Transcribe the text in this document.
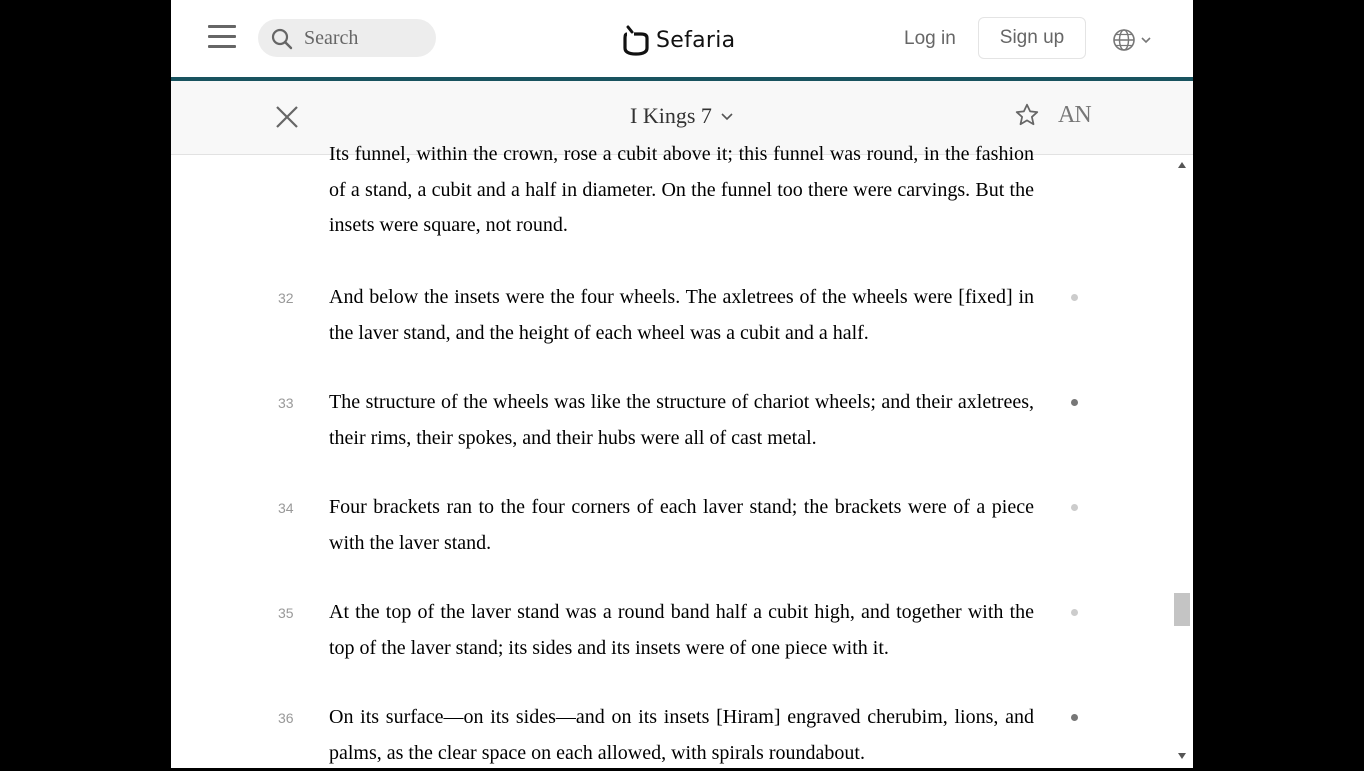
Search
Sefaria	Log in	Sign up
I Kings 7	AN
Its funnel, within the crown, rose a cubit above it; this funnel was round, in the fashion of a stand, a cubit and a half in diameter. On the funnel too there were carvings. But the insets were square, not round.
32 And below the insets were the four wheels. The axletrees of the wheels were [fixed] in the laver stand, and the height of each wheel was a cubit and a half.
33 The structure of the wheels was like the structure of chariot wheels; and their axletrees, their rims, their spokes, and their hubs were all of cast metal.
34 Four brackets ran to the four corners of each laver stand; the brackets were of a piece with the laver stand.
35 At the top of the laver stand was a round band half a cubit high, and together with the top of the laver stand; its sides and its insets were of one piece with it.
36 On its surface—on its sides—and on its insets [Hiram] engraved cherubim, lions, and palms, as the clear space on each allowed, with spirals roundabout.
